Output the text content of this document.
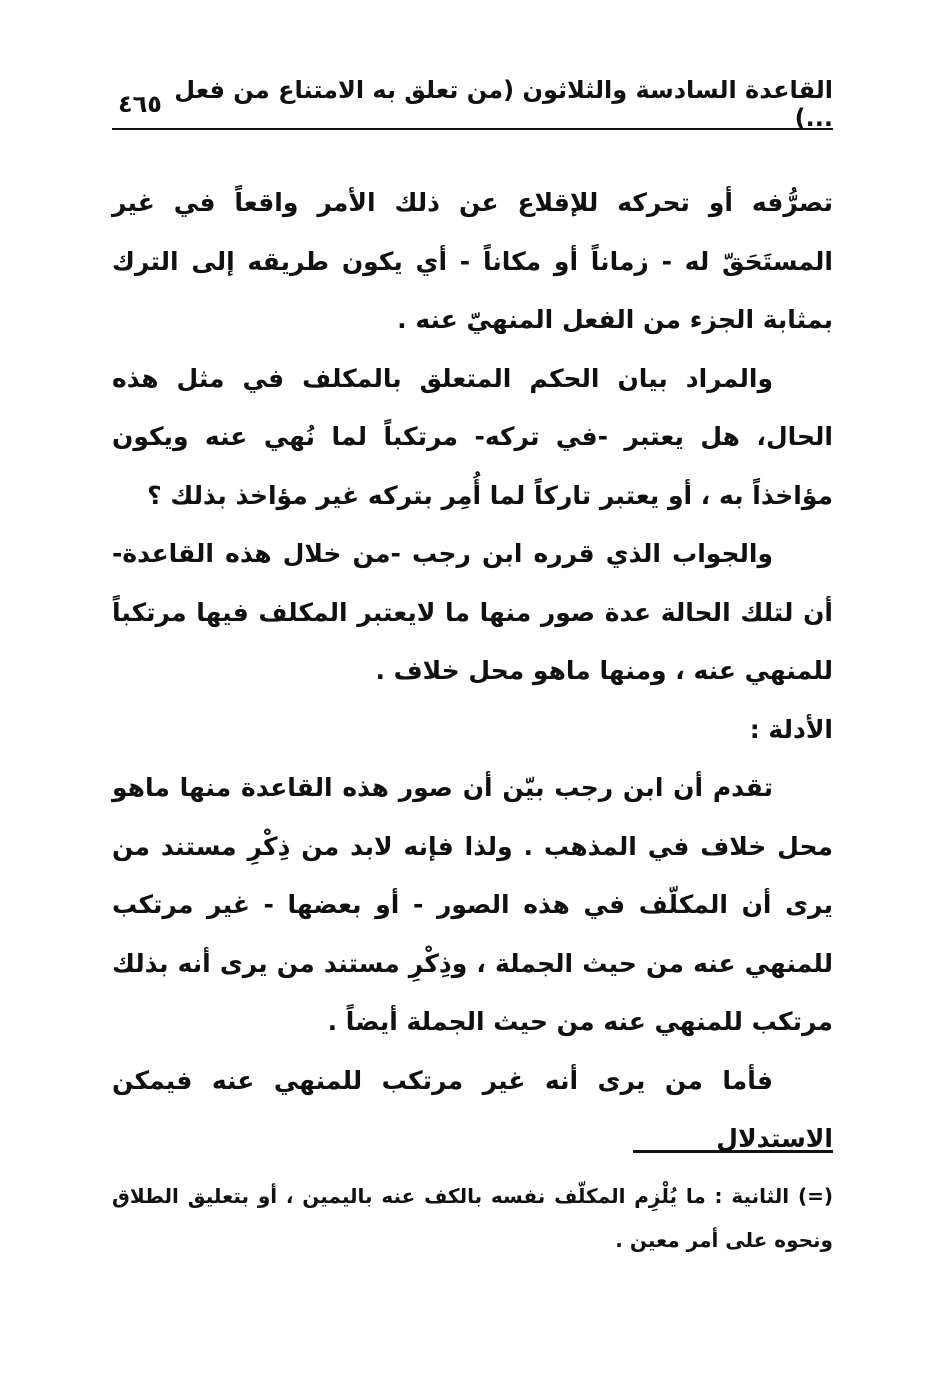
القاعدة السادسة والثلاثون (من تعلق به الامتناع من فعل ...)
٤٦٥

تصرُّفه أو تحركه للإقلاع عن ذلك الأمر واقعاً في غير المستَحَقّ له - زماناً أو مكاناً - أي يكون طريقه إلى الترك بمثابة الجزء من الفعل المنهيّ عنه .

والمراد بيان الحكم المتعلق بالمكلف في مثل هذه الحال، هل يعتبر -في تركه- مرتكباً لما نُهي عنه ويكون مؤاخذاً به ، أو يعتبر تاركاً لما أُمِر بتركه غير مؤاخذ بذلك ؟

والجواب الذي قرره ابن رجب -من خلال هذه القاعدة- أن لتلك الحالة عدة صور منها ما لايعتبر المكلف فيها مرتكباً للمنهي عنه ، ومنها ماهو محل خلاف .

الأدلة :

تقدم أن ابن رجب بيّن أن صور هذه القاعدة منها ماهو محل خلاف في المذهب . ولذا فإنه لابد من ذِكْرِ مستند من يرى أن المكلّف في هذه الصور - أو بعضها - غير مرتكب للمنهي عنه من حيث الجملة ، وذِكْرِ مستند من يرى أنه بذلك مرتكب للمنهي عنه من حيث الجملة أيضاً .

فأما من يرى أنه غير مرتكب للمنهي عنه فيمكن الاستدلال

(=) الثانية : ما يُلْزِم المكلّف نفسه بالكف عنه باليمين ، أو بتعليق الطلاق ونحوه على أمر معين .
